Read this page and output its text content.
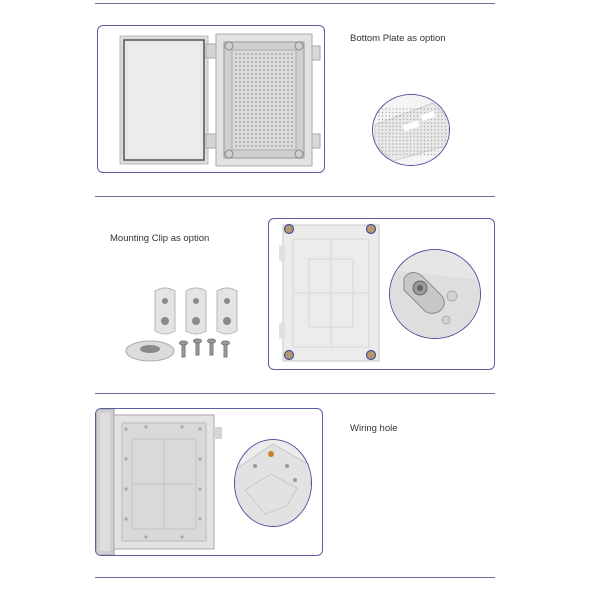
Bottom Plate as option
Mounting Clip as option
Wiring hole
